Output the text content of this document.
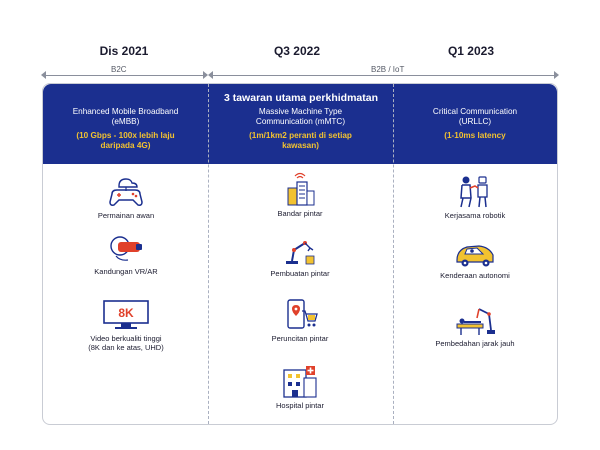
Dis 2021	Q3 2022	Q1 2023
B2C	B2B / IoT
3 tawaran utama perkhidmatan
Enhanced Mobile Broadband
(eMBB)
(10 Gbps - 100x lebih laju
daripada 4G)
Massive Machine Type
Communication (mMTC)
(1m/1km2 peranti di setiap
kawasan)
Critical Communication
(URLLC)
(1-10ms latency
Permainan awan
Kandungan VR/AR
8K
Video berkualiti tinggi
(8K dan ke atas, UHD)
Bandar pintar
Pembuatan pintar
Peruncitan pintar
Hospital pintar
Kerjasama robotik
Kenderaan autonomi
Pembedahan jarak jauh
